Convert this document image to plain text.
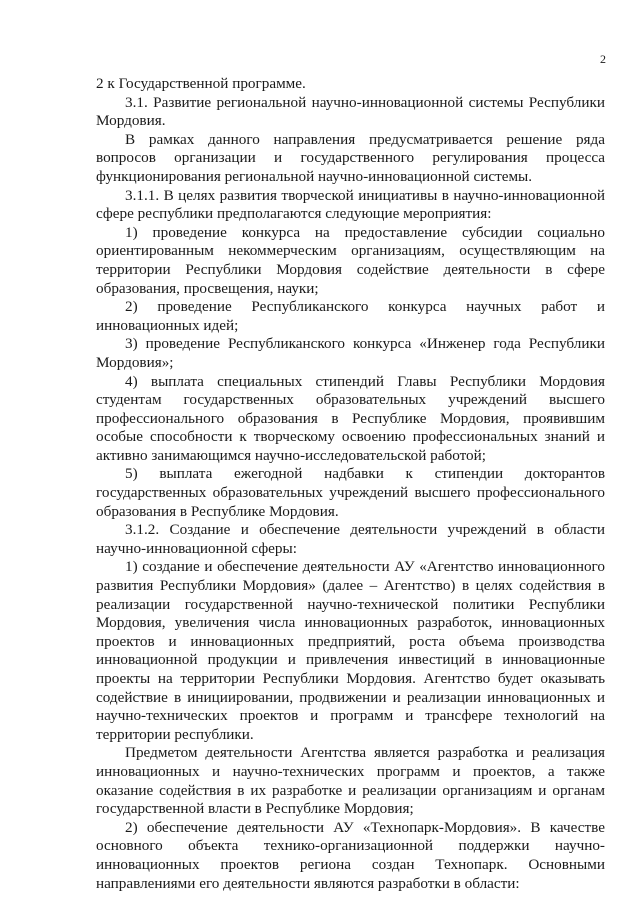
2

2 к Государственной программе.

3.1. Развитие региональной научно-инновационной системы Республики Мордовия.

В рамках данного направления предусматривается решение ряда вопросов организации и государственного регулирования процесса функционирования региональной научно-инновационной системы.

3.1.1. В целях развития творческой инициативы в научно-инновационной сфере республики предполагаются следующие мероприятия:

1) проведение конкурса на предоставление субсидии социально ориентированным некоммерческим организациям, осуществляющим на территории Республики Мордовия содействие деятельности в сфере образования, просвещения, науки;

2) проведение Республиканского конкурса научных работ и инновационных идей;

3) проведение Республиканского конкурса «Инженер года Республики Мордовия»;

4) выплата специальных стипендий Главы Республики Мордовия студентам государственных образовательных учреждений высшего профессионального образования в Республике Мордовия, проявившим особые способности к творческому освоению профессиональных знаний и активно занимающимся научно-исследовательской работой;

5) выплата ежегодной надбавки к стипендии докторантов государственных образовательных учреждений высшего профессионального образования в Республике Мордовия.

3.1.2. Создание и обеспечение деятельности учреждений в области научно-инновационной сферы:

1) создание и обеспечение деятельности АУ «Агентство инновационного развития Республики Мордовия» (далее – Агентство) в целях содействия в реализации государственной научно-технической политики Республики Мордовия, увеличения числа инновационных разработок, инновационных проектов и инновационных предприятий, роста объема производства инновационной продукции и привлечения инвестиций в инновационные проекты на территории Республики Мордовия. Агентство будет оказывать содействие в инициировании, продвижении и реализации инновационных и научно-технических проектов и программ и трансфере технологий на территории республики.

Предметом деятельности Агентства является разработка и реализация инновационных и научно-технических программ и проектов, а также оказание содействия в их разработке и реализации организациям и органам государственной власти в Республике Мордовия;

2) обеспечение деятельности АУ «Технопарк-Мордовия». В качестве основного объекта технико-организационной поддержки научно-инновационных проектов региона создан Технопарк. Основными направлениями его деятельности являются разработки в области:
